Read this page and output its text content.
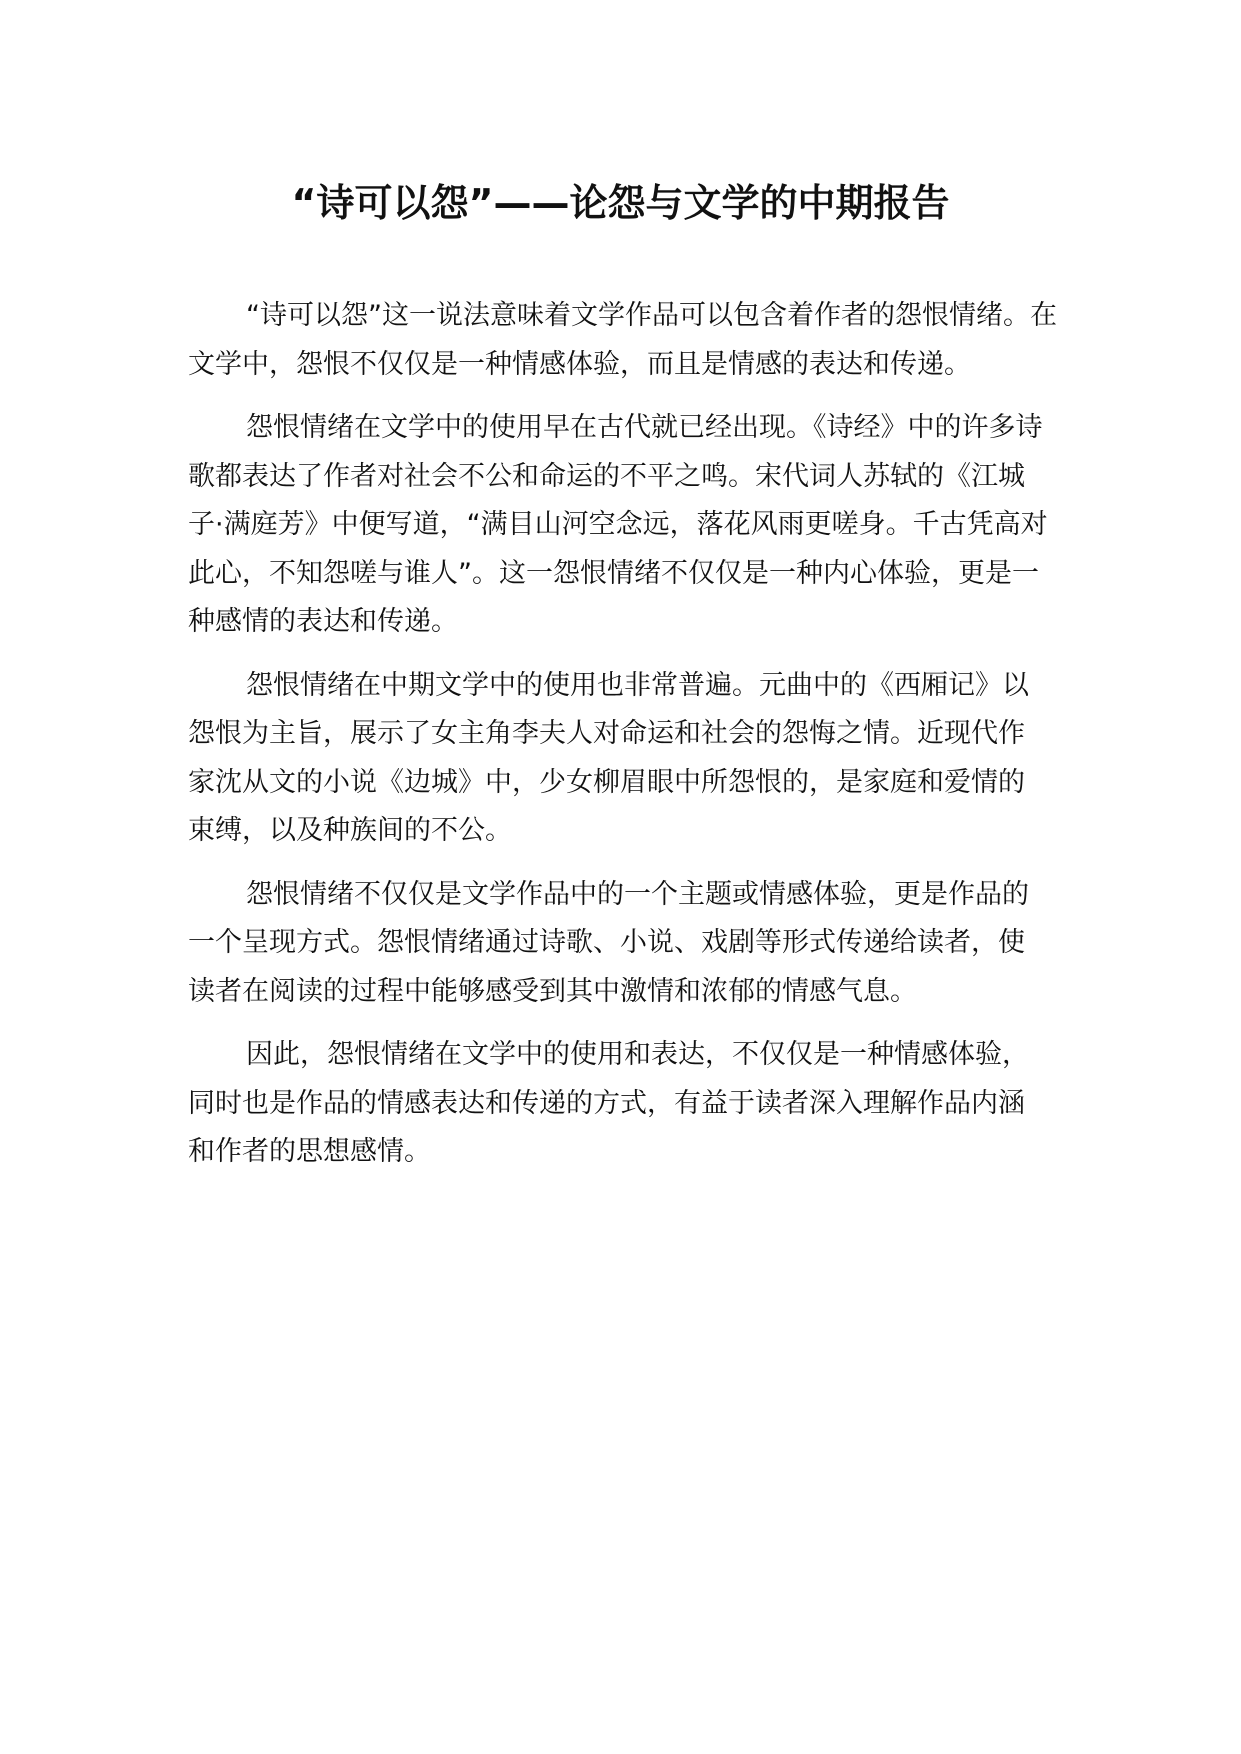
“诗可以怨”——论怨与文学的中期报告

“诗可以怨”这一说法意味着文学作品可以包含着作者的怨恨情绪。在文学中，怨恨不仅仅是一种情感体验，而且是情感的表达和传递。

怨恨情绪在文学中的使用早在古代就已经出现。《诗经》中的许多诗歌都表达了作者对社会不公和命运的不平之鸣。宋代词人苏轼的《江城子·满庭芳》中便写道，“满目山河空念远，落花风雨更嗟身。千古凭高对此心，不知怨嗟与谁人”。这一怨恨情绪不仅仅是一种内心体验，更是一种感情的表达和传递。

怨恨情绪在中期文学中的使用也非常普遍。元曲中的《西厢记》以怨恨为主旨，展示了女主角李夫人对命运和社会的怨悔之情。近现代作家沈从文的小说《边城》中，少女柳眉眼中所怨恨的，是家庭和爱情的束缚，以及种族间的不公。

怨恨情绪不仅仅是文学作品中的一个主题或情感体验，更是作品的一个呈现方式。怨恨情绪通过诗歌、小说、戏剧等形式传递给读者，使读者在阅读的过程中能够感受到其中激情和浓郁的情感气息。

因此，怨恨情绪在文学中的使用和表达，不仅仅是一种情感体验，同时也是作品的情感表达和传递的方式，有益于读者深入理解作品内涵和作者的思想感情。
